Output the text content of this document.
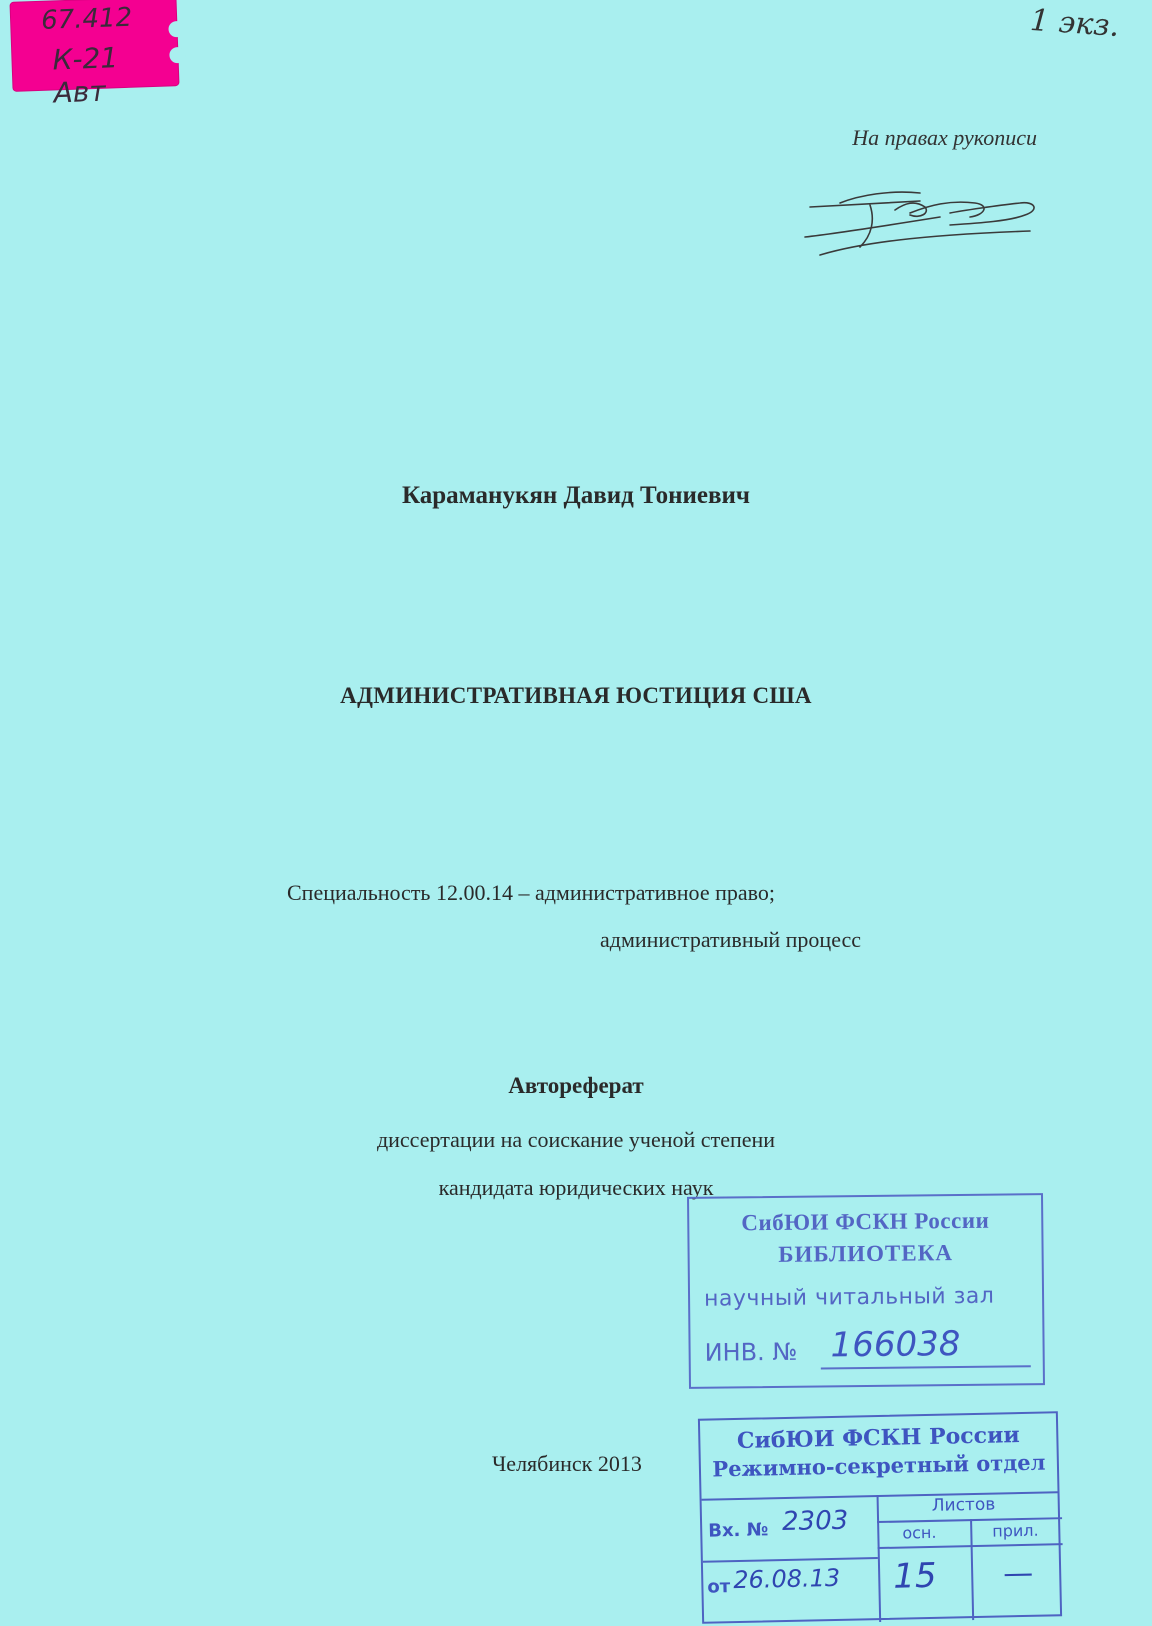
67.412
К-21 Авт
1 экз.
На правах рукописи
Караманукян Давид Тониевич
АДМИНИСТРАТИВНАЯ ЮСТИЦИЯ США
Специальность 12.00.14 – административное право;
административный процесс
Автореферат
диссертации на соискание ученой степени
кандидата юридических наук
Челябинск 2013
СибЮИ ФСКН России
БИБЛИОТЕКА
научный читальный зал
ИНВ. № 166038
СибЮИ ФСКН России
Режимно-секретный отдел
Листов
осн.	прил.
Вх. № 2303
от 26.08.13 15 —
